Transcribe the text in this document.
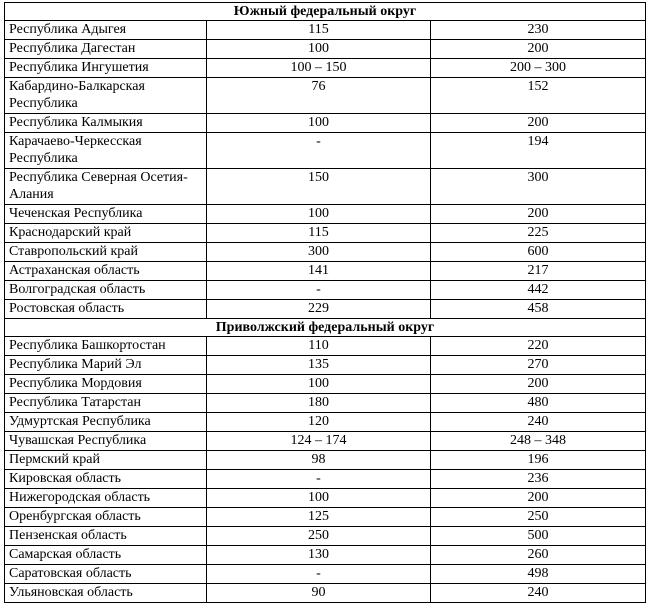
Южный федеральный округ		
Республика Адыгея	115	230
Республика Дагестан	100	200
Республика Ингушетия	100 – 150	200 – 300
Кабардино-Балкарская Республика	76	152
Республика Калмыкия	100	200
Карачаево-Черкесская Республика	-	194
Республика Северная Осетия-Алания	150	300
Чеченская Республика	100	200
Краснодарский край	115	225
Ставропольский край	300	600
Астраханская область	141	217
Волгоградская область	-	442
Ростовская область	229	458
Приволжский федеральный округ		
Республика Башкортостан	110	220
Республика Марий Эл	135	270
Республика Мордовия	100	200
Республика Татарстан	180	480
Удмуртская Республика	120	240
Чувашская Республика	124 – 174	248 – 348
Пермский край	98	196
Кировская область	-	236
Нижегородская область	100	200
Оренбургская область	125	250
Пензенская область	250	500
Самарская область	130	260
Саратовская область	-	498
Ульяновская область	90	240
